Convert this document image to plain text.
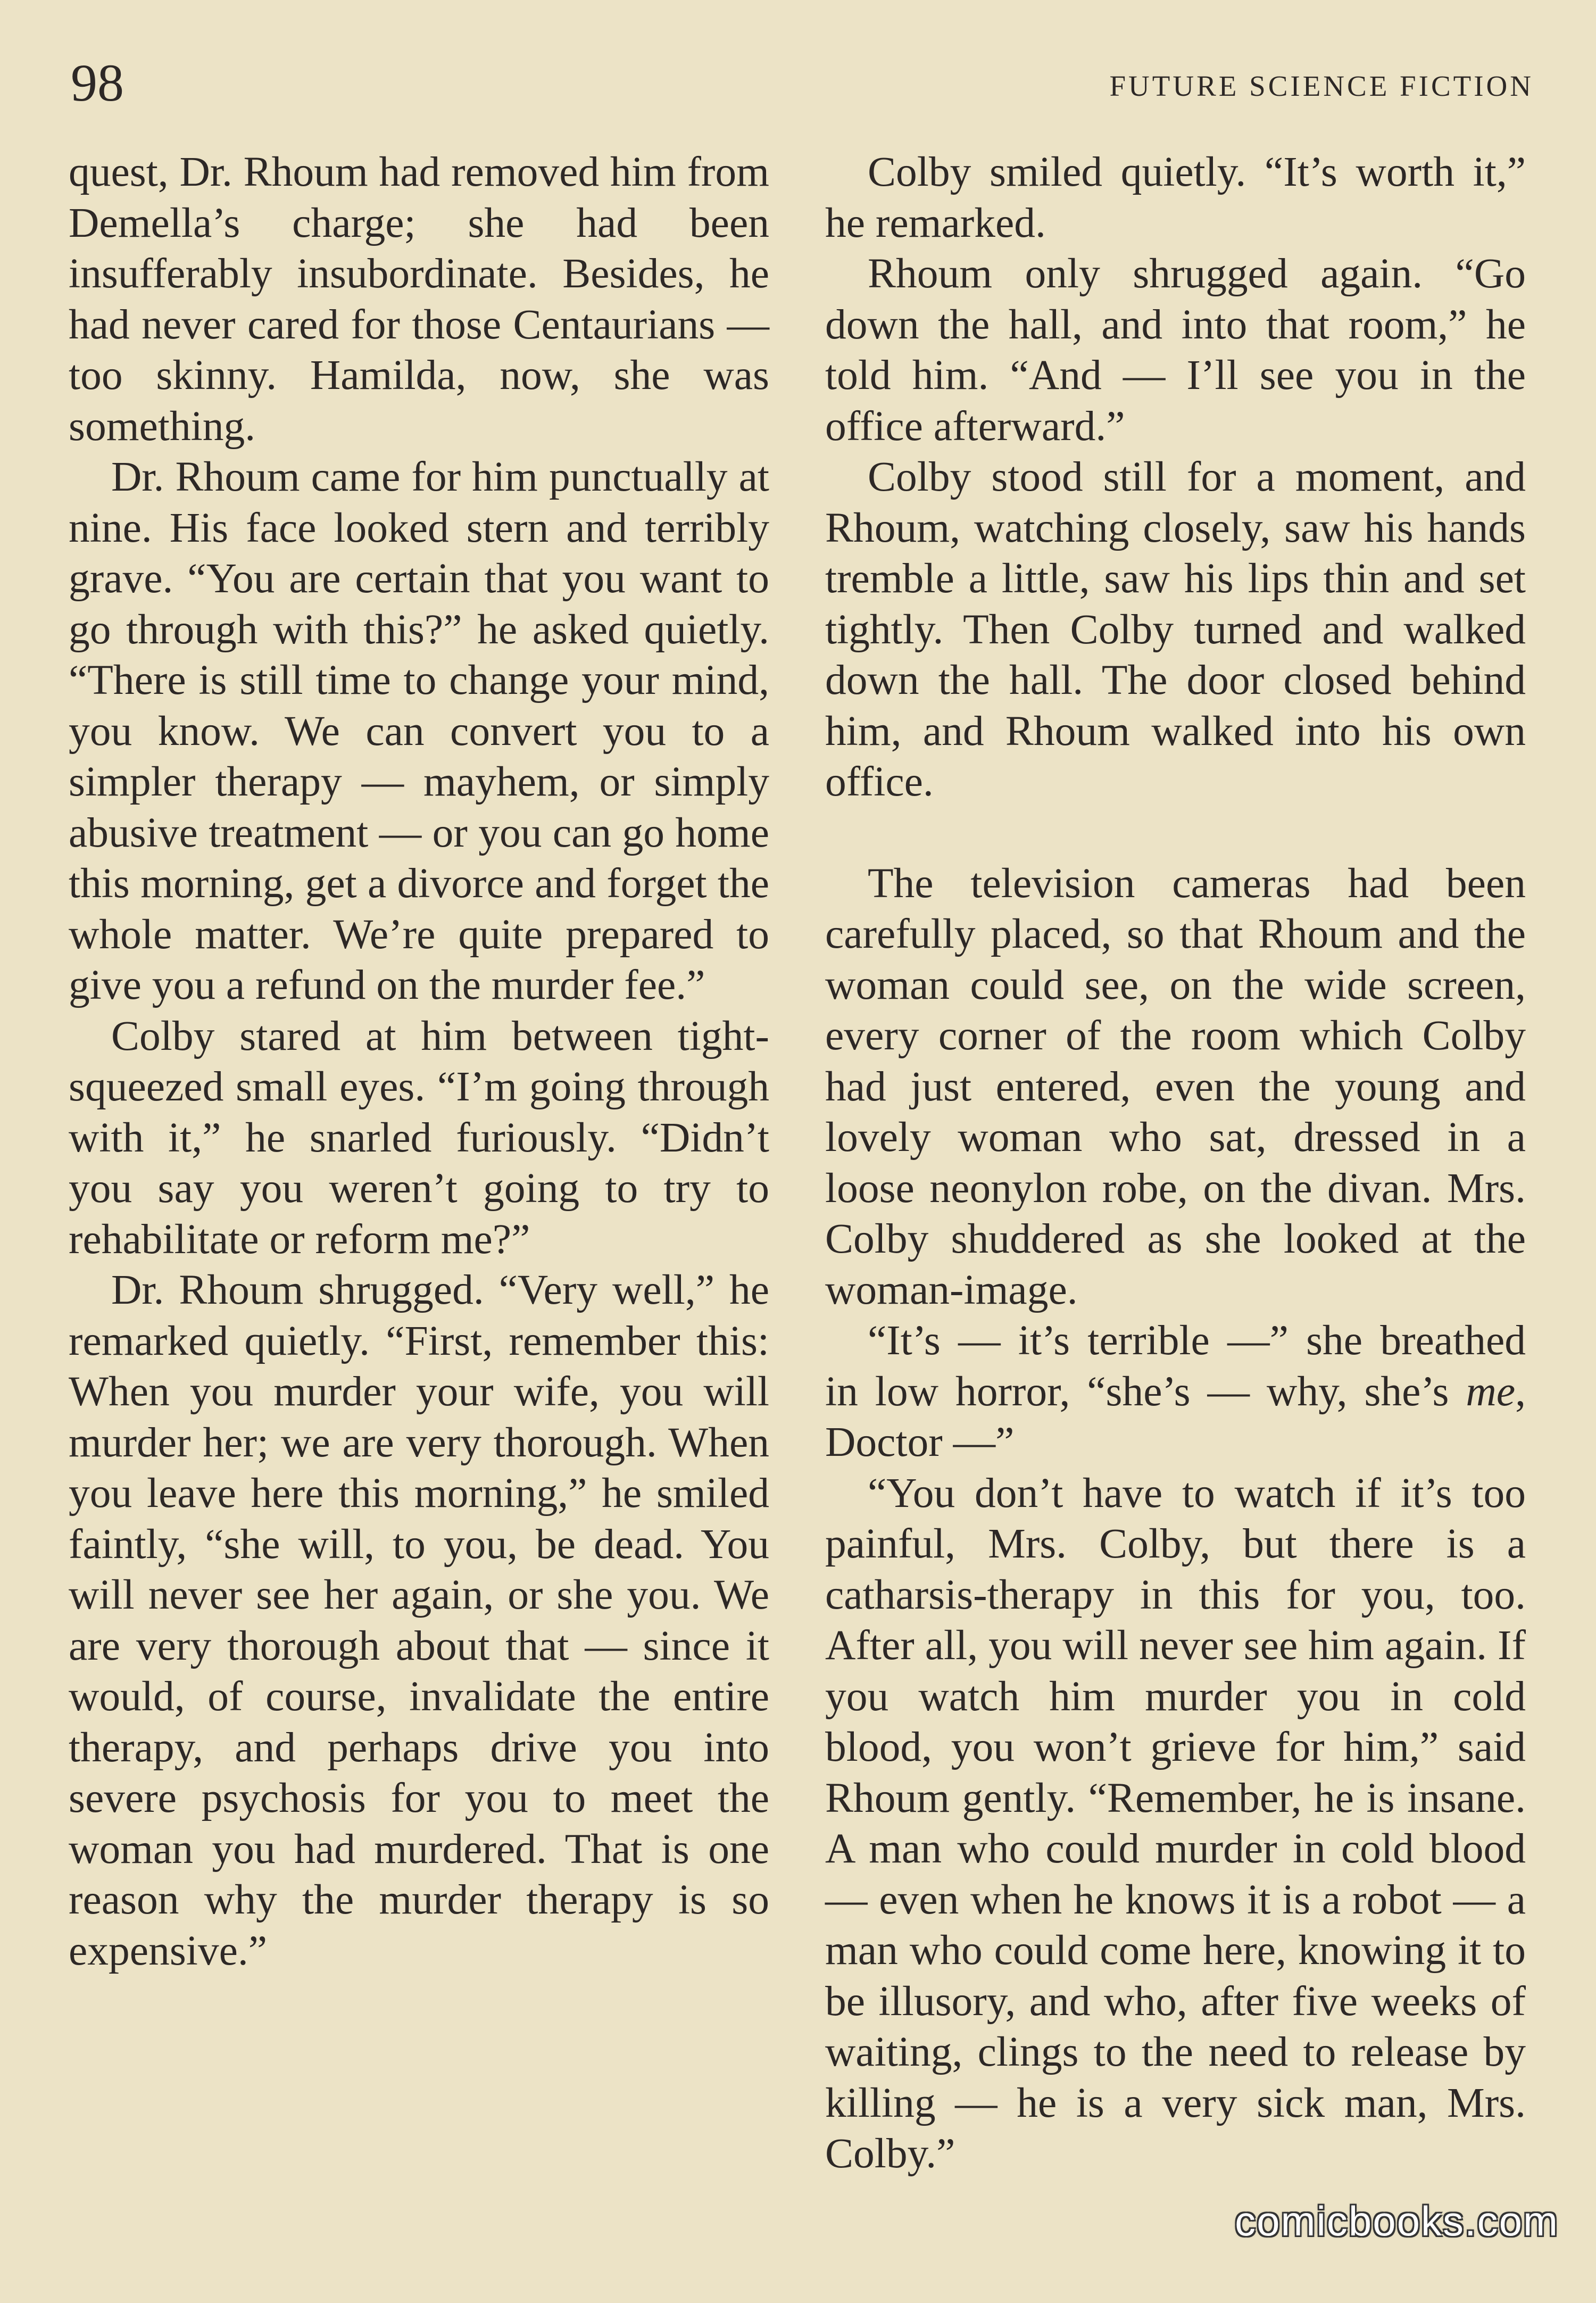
98	FUTURE SCIENCE FICTION

quest, Dr. Rhoum had removed him from Demella’s charge; she had been insufferably insubordinate. Besides, he had never cared for those Centaurians — too skinny. Hamilda, now, she was something.

Dr. Rhoum came for him punctually at nine. His face looked stern and terribly grave. “You are certain that you want to go through with this?” he asked quietly. “There is still time to change your mind, you know. We can convert you to a simpler therapy — mayhem, or simply abusive treatment — or you can go home this morning, get a divorce and forget the whole matter. We’re quite prepared to give you a refund on the murder fee.”

Colby stared at him between tight-squeezed small eyes. “I’m going through with it,” he snarled furiously. “Didn’t you say you weren’t going to try to rehabilitate or reform me?”

Dr. Rhoum shrugged. “Very well,” he remarked quietly. “First, remember this: When you murder your wife, you will murder her; we are very thorough. When you leave here this morning,” he smiled faintly, “she will, to you, be dead. You will never see her again, or she you. We are very thorough about that — since it would, of course, invalidate the entire therapy, and perhaps drive you into severe psychosis for you to meet the woman you had murdered. That is one reason why the murder therapy is so expensive.”

Colby smiled quietly. “It’s worth it,” he remarked.

Rhoum only shrugged again. “Go down the hall, and into that room,” he told him. “And — I’ll see you in the office afterward.”

Colby stood still for a moment, and Rhoum, watching closely, saw his hands tremble a little, saw his lips thin and set tightly. Then Colby turned and walked down the hall. The door closed behind him, and Rhoum walked into his own office.

The television cameras had been carefully placed, so that Rhoum and the woman could see, on the wide screen, every corner of the room which Colby had just entered, even the young and lovely woman who sat, dressed in a loose neonylon robe, on the divan. Mrs. Colby shuddered as she looked at the woman-image.

“It’s — it’s terrible —” she breathed in low horror, “she’s — why, she’s me, Doctor —”

“You don’t have to watch if it’s too painful, Mrs. Colby, but there is a catharsis-therapy in this for you, too. After all, you will never see him again. If you watch him murder you in cold blood, you won’t grieve for him,” said Rhoum gently. “Remember, he is insane. A man who could murder in cold blood — even when he knows it is a robot — a man who could come here, knowing it to be illusory, and who, after five weeks of waiting, clings to the need to release by killing — he is a very sick man, Mrs. Colby.”

comicbooks.com
